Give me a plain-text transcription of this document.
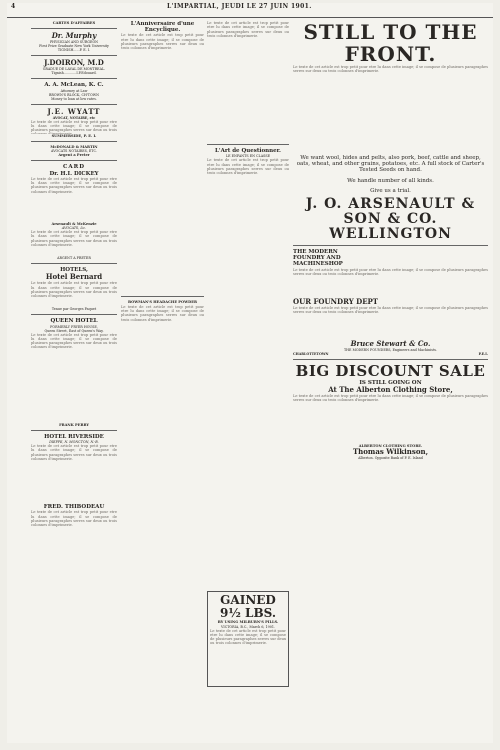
4	L'IMPARTIAL, JEUDI LE 27 JUIN 1901.
CARTES D'AFFAIRES
Dr. Murphy
PHYSICIAN AND SURGEON
First Prize Graduate New York University
TIGNISH......P. E. I.
J.DOIRON, M.D
GRADUE DE LAVAL DE MONTREAL.
Tignish............I.P.Edouard.
A. A. McLean, K. C.
Attorney at Law
BROWN'S BLOCK, CH'TOWN
Money to loan at low rates.
J.E. WYATT
AVOCAT, NOTAIRE, etc
Le texte de cet article est trop petit pour etre lu dans cette image; il se compose de plusieurs paragraphes serres sur deux ou trois
SUMMERSIDE, P. E. I.
McDONALD & MARTIN
AVOCATS NOTAIRES, ETC.
Argent a Preter
CARD
Dr. H.I. DICKEY
Le texte de cet article est trop petit pour etre lu dans cette image; il se compose de plusieurs paragraphes serres sur deux ou trois colonnes d'imprimerie.
Arsenault & McKenzie
AVOCATS, &c.
Le texte de cet article est trop petit pour etre lu dans cette image; il se compose de plusieurs paragraphes serres sur deux ou trois colonnes d'imprimerie.
ARGENT A PRETER
HOTELS,
Hotel Bernard
Le texte de cet article est trop petit pour etre lu dans cette image; il se compose de plusieurs paragraphes serres sur deux ou trois colonnes d'imprimerie.
Tenue par Georges Paquet
QUEEN HOTEL
FORMERLY FRYER HOUSE,
Queen Street, East of Queen's Way.
Le texte de cet article est trop petit pour etre lu dans cette image; il se compose de plusieurs paragraphes serres sur deux ou trois colonnes d'imprimerie.
FRANK PERRY
HOTEL RIVERSIDE
DIEPPE, N. MONCTON, N.-B.
Le texte de cet article est trop petit pour etre lu dans cette image; il se compose de plusieurs paragraphes serres sur deux ou trois colonnes d'imprimerie.
FRED. THIBODEAU
Le texte de cet article est trop petit pour etre lu dans cette image; il se compose de plusieurs paragraphes serres sur deux ou trois colonnes d'imprimerie.
L'Anniversaire d'une Encyclique.
Le texte de cet article est trop petit pour etre lu dans cette image; il se compose de plusieurs paragraphes serres sur deux ou trois colonnes d'imprimerie.
BOWMAN'S HEADACHE POWDER
Le texte de cet article est trop petit pour etre lu dans cette image; il se compose de plusieurs paragraphes serres sur deux ou trois colonnes d'imprimerie.
Le texte de cet article est trop petit pour etre lu dans cette image; il se compose de plusieurs paragraphes serres sur deux ou trois colonnes d'imprimerie.
L'Art de Questionner.
LE ENFANTS EN CLASSE
Le texte de cet article est trop petit pour etre lu dans cette image; il se compose de plusieurs paragraphes serres sur deux ou trois colonnes d'imprimerie.
GAINED
9½ LBS.
BY USING MILBURN'S PILLS.
VICTORIA, B.C., March 6, 1901.
Le texte de cet article est trop petit pour etre lu dans cette image; il se compose de plusieurs paragraphes serres sur deux ou trois colonnes d'imprimerie.
STILL TO THE FRONT.
Le texte de cet article est trop petit pour etre lu dans cette image; il se compose de plusieurs paragraphes serres sur deux ou trois colonnes d'imprimerie.
We want wool, hides and pelts, also pork, beef, cattle and sheep, oats, wheat, and other grains, potatoes, etc. A full stock of Carter's Tested Seeds on hand.
We handle number of all kinds.
Give us a trial.
J. O. ARSENAULT & SON & CO.
WELLINGTON
THE MODERN
FOUNDRY AND
MACHINESHOP
Le texte de cet article est trop petit pour etre lu dans cette image; il se compose de plusieurs paragraphes serres sur deux ou trois colonnes d'imprimerie.
OUR FOUNDRY DEPT
Le texte de cet article est trop petit pour etre lu dans cette image; il se compose de plusieurs paragraphes serres sur deux ou trois colonnes d'imprimerie.
Bruce Stewart & Co.
THE MODERN FOUNDERS, Engineers and Machinists.
CHARLOTTETOWN	P.E.I.
BIG DISCOUNT SALE
IS STILL GOING ON
At The Alberton Clothing Store,
Le texte de cet article est trop petit pour etre lu dans cette image; il se compose de plusieurs paragraphes serres sur deux ou trois colonnes d'imprimerie.
ALBERTON CLOTHING STORE.
Thomas Wilkinson,
Alberton. Opposite Bank of P. E. Island
